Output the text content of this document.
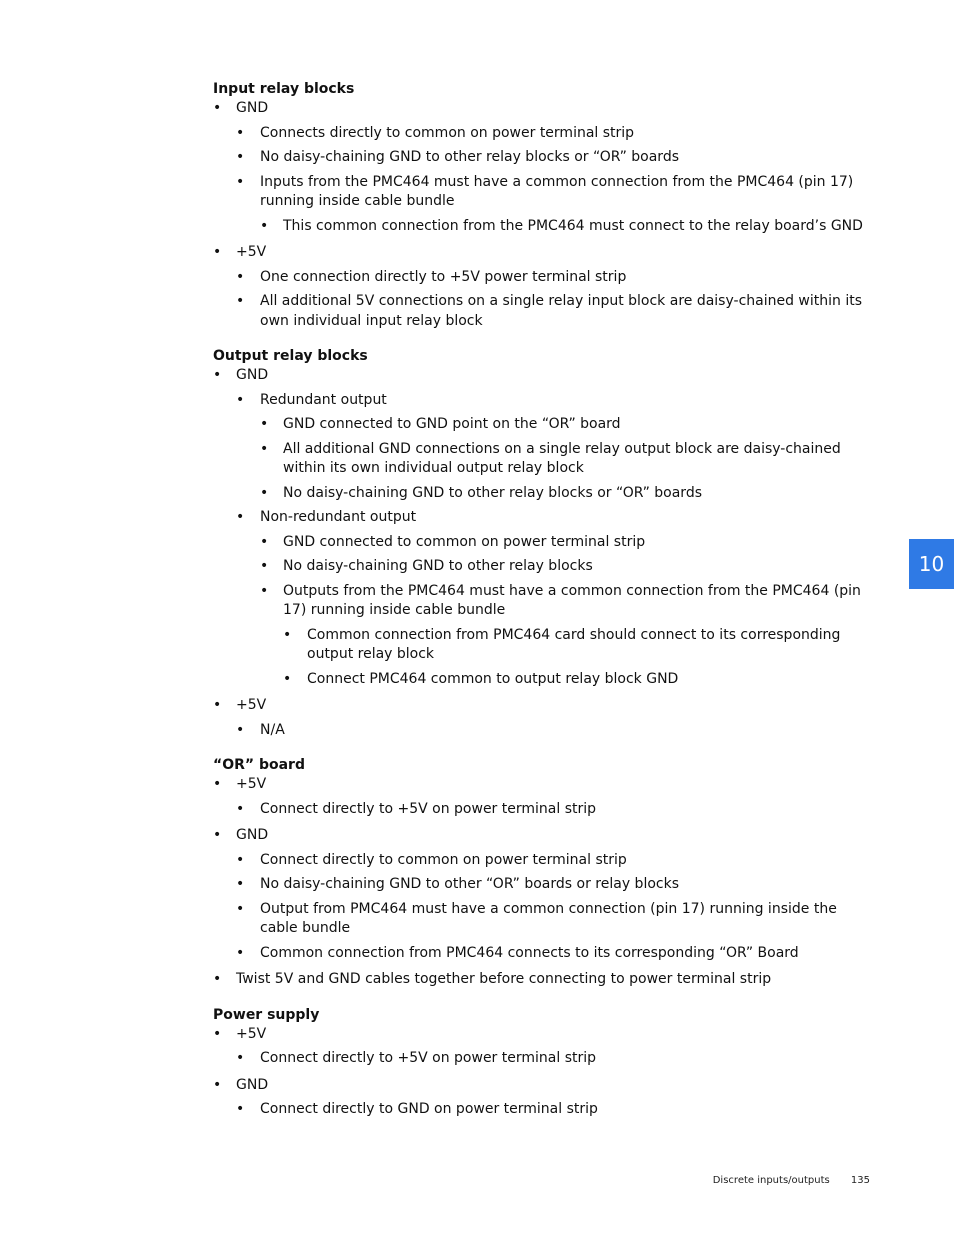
Input relay blocks
• GND
• Connects directly to common on power terminal strip
• No daisy-chaining GND to other relay blocks or “OR” boards
• Inputs from the PMC464 must have a common connection from the PMC464 (pin 17) running inside cable bundle
• This common connection from the PMC464 must connect to the relay board’s GND
• +5V
• One connection directly to +5V power terminal strip
• All additional 5V connections on a single relay input block are daisy-chained within its own individual input relay block
Output relay blocks
• GND
• Redundant output
• GND connected to GND point on the “OR” board
• All additional GND connections on a single relay output block are daisy-chained within its own individual output relay block
• No daisy-chaining GND to other relay blocks or “OR” boards
• Non-redundant output
• GND connected to common on power terminal strip
• No daisy-chaining GND to other relay blocks
• Outputs from the PMC464 must have a common connection from the PMC464 (pin 17) running inside cable bundle
• Common connection from PMC464 card should connect to its corresponding output relay block
• Connect PMC464 common to output relay block GND
• +5V
• N/A
“OR” board
• +5V
• Connect directly to +5V on power terminal strip
• GND
• Connect directly to common on power terminal strip
• No daisy-chaining GND to other “OR” boards or relay blocks
• Output from PMC464 must have a common connection (pin 17) running inside the cable bundle
• Common connection from PMC464 connects to its corresponding “OR” Board
• Twist 5V and GND cables together before connecting to power terminal strip
Power supply
• +5V
• Connect directly to +5V on power terminal strip
• GND
• Connect directly to GND on power terminal strip
10
Discrete inputs/outputs 135
